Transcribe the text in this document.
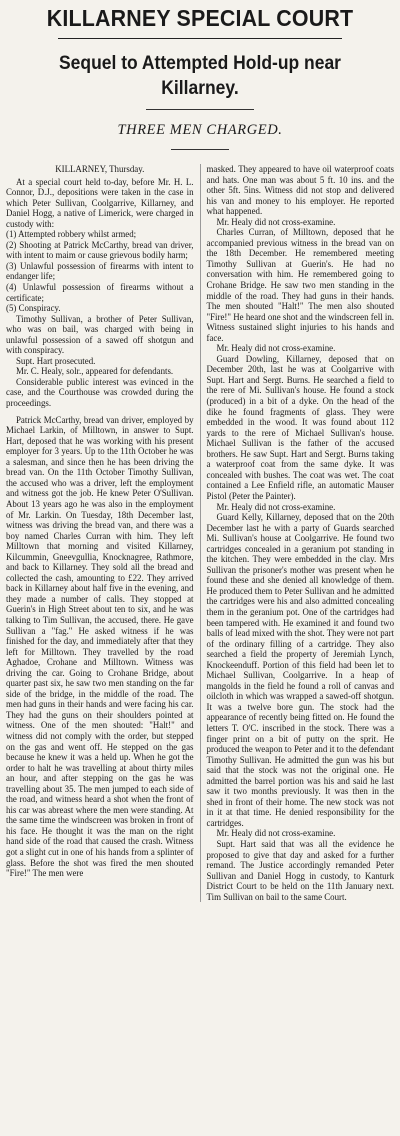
KILLARNEY SPECIAL COURT
Sequel to Attempted Hold-up near Killarney.
THREE MEN CHARGED.

KILLARNEY, Thursday.

At a special court held to-day, before Mr. H. L. Connor, D.J., depositions were taken in the case in which Peter Sullivan, Coolgarrive, Killarney, and Daniel Hogg, a native of Limerick, were charged in custody with:

(1) Attempted robbery whilst armed;

(2) Shooting at Patrick McCarthy, bread van driver, with intent to maim or cause grievous bodily harm;

(3) Unlawful possession of firearms with intent to endanger life;

(4) Unlawful possession of firearms without a certificate;

(5) Conspiracy.

Timothy Sullivan, a brother of Peter Sullivan, who was on bail, was charged with being in unlawful possession of a sawed off shotgun and with conspiracy.

Supt. Hart prosecuted.

Mr. C. Healy, solr., appeared for defendants.

Considerable public interest was evinced in the case, and the Courthouse was crowded during the proceedings.

Patrick McCarthy, bread van driver, employed by Michael Larkin, of Milltown, in answer to Supt. Hart, deposed that he was working with his present employer for 3 years. Up to the 11th October he was a salesman, and since then he has been driving the bread van. On the 11th October Timothy Sullivan, the accused who was a driver, left the employment and witness got the job. He knew Peter O'Sullivan. About 13 years ago he was also in the employment of Mr. Larkin. On Tuesday, 18th December last, witness was driving the bread van, and there was a boy named Charles Curran with him. They left Milltown that morning and visited Killarney, Kilcummin, Gneevgullia, Knocknagree, Rathmore, and back to Killarney. They sold all the bread and collected the cash, amounting to £22. They arrived back in Killarney about half five in the evening, and they made a number of calls. They stopped at Guerin's in High Street about ten to six, and he was talking to Tim Sullivan, the accused, there. He gave Sullivan a "fag." He asked witness if he was finished for the day, and immediately after that they left for Milltown. They travelled by the road Aghadoe, Crohane and Milltown. Witness was driving the car. Going to Crohane Bridge, about quarter past six, he saw two men standing on the far side of the bridge, in the middle of the road. The men had guns in their hands and were facing his car. They had the guns on their shoulders pointed at witness. One of the men shouted: "Halt!" and witness did not comply with the order, but stepped on the gas and went off. He stepped on the gas because he knew it was a held up. When he got the order to halt he was travelling at about thirty miles an hour, and after stepping on the gas he was travelling about 35. The men jumped to each side of the road, and witness heard a shot when the front of his car was abreast where the men were standing. At the same time the windscreen was broken in front of his face. He thought it was the man on the right hand side of the road that caused the crash. Witness got a slight cut in one of his hands from a splinter of glass. Before the shot was fired the men shouted "Fire!" The men were

masked. They appeared to have oil waterproof coats and hats. One man was about 5 ft. 10 ins. and the other 5ft. 5ins. Witness did not stop and delivered his van and money to his employer. He reported what happened.

Mr. Healy did not cross-examine.

Charles Curran, of Milltown, deposed that he accompanied previous witness in the bread van on the 18th December. He remembered meeting Timothy Sullivan at Guerin's. He had no conversation with him. He remembered going to Crohane Bridge. He saw two men standing in the middle of the road. They had guns in their hands. The men shouted "Halt!" The men also shouted "Fire!" He heard one shot and the windscreen fell in. Witness sustained slight injuries to his hands and face.

Mr. Healy did not cross-examine.

Guard Dowling, Killarney, deposed that on December 20th, last he was at Coolgarrive with Supt. Hart and Sergt. Burns. He searched a field to the rere of Mi. Sullivan's house. He found a stock (produced) in a bit of a dyke. On the head of the dike he found fragments of glass. They were embedded in the wood. It was found about 112 yards to the rere of Michael Sullivan's house. Michael Sullivan is the father of the accused brothers. He saw Supt. Hart and Sergt. Burns taking a waterproof coat from the same dyke. It was concealed with bushes. The coat was wet. The coat contained a Lee Enfield rifle, an automatic Mauser Pistol (Peter the Painter).

Mr. Healy did not cross-examine.

Guard Kelly, Killarney, deposed that on the 20th December last he with a party of Guards searched Mi. Sullivan's house at Coolgarrive. He found two cartridges concealed in a geranium pot standing in the kitchen. They were embedded in the clay. Mrs Sullivan the prisoner's mother was present when he found these and she denied all knowledge of them. He produced them to Peter Sullivan and he admitted the cartridges were his and also admitted concealing them in the geranium pot. One of the cartridges had been tampered with. He examined it and found two balls of lead mixed with the shot. They were not part of the ordinary filling of a cartridge. They also searched a field the property of Jeremiah Lynch, Knockeenduff. Portion of this field had been let to Michael Sullivan, Coolgarrive. In a heap of mangolds in the field he found a roll of canvas and oilcloth in which was wrapped a sawed-off shotgun. It was a twelve bore gun. The stock had the appearance of recently being fitted on. He found the letters T. O'C. inscribed in the stock. There was a finger print on a bit of putty on the sprit. He produced the weapon to Peter and it to the defendant Timothy Sullivan. He admitted the gun was his but said that the stock was not the original one. He admitted the barrel portion was his and said he last saw it two months previously. It was then in the shed in front of their home. The new stock was not in it at that time. He denied responsibility for the cartridges.

Mr. Healy did not cross-examine.

Supt. Hart said that was all the evidence he proposed to give that day and asked for a further remand. The Justice accordingly remanded Peter Sullivan and Daniel Hogg in custody, to Kanturk District Court to be held on the 11th January next. Tim Sullivan on bail to the same Court.
